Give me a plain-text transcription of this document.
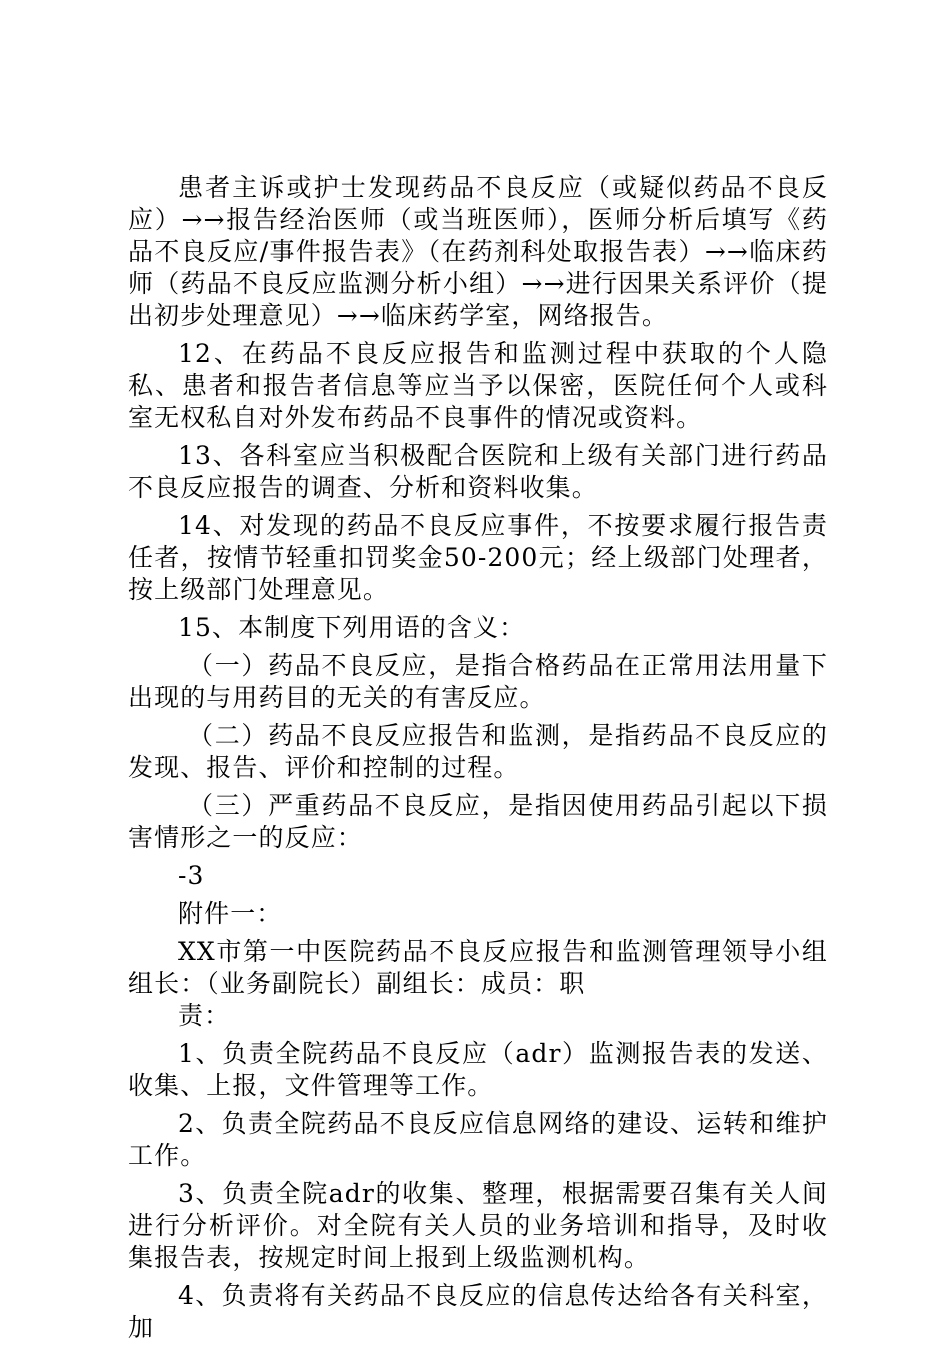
患者主诉或护士发现药品不良反应（或疑似药品不良反应）→→报告经治医师（或当班医师），医师分析后填写《药品不良反应/事件报告表》（在药剂科处取报告表）→→临床药师（药品不良反应监测分析小组）→→进行因果关系评价（提出初步处理意见）→→临床药学室，网络报告。

12、在药品不良反应报告和监测过程中获取的个人隐私、患者和报告者信息等应当予以保密，医院任何个人或科室无权私自对外发布药品不良事件的情况或资料。

13、各科室应当积极配合医院和上级有关部门进行药品不良反应报告的调查、分析和资料收集。

14、对发现的药品不良反应事件，不按要求履行报告责任者，按情节轻重扣罚奖金50-200元；经上级部门处理者，按上级部门处理意见。

15、本制度下列用语的含义：

（一）药品不良反应，是指合格药品在正常用法用量下出现的与用药目的无关的有害反应。

（二）药品不良反应报告和监测，是指药品不良反应的发现、报告、评价和控制的过程。

（三）严重药品不良反应，是指因使用药品引起以下损害情形之一的反应：

-3

附件一：

XX市第一中医院药品不良反应报告和监测管理领导小组组长：（业务副院长）副组长：成员：职

责：

1、负责全院药品不良反应（adr）监测报告表的发送、收集、上报，文件管理等工作。

2、负责全院药品不良反应信息网络的建设、运转和维护工作。

3、负责全院adr的收集、整理，根据需要召集有关人间进行分析评价。对全院有关人员的业务培训和指导，及时收集报告表，按规定时间上报到上级监测机构。

4、负责将有关药品不良反应的信息传达给各有关科室，加
